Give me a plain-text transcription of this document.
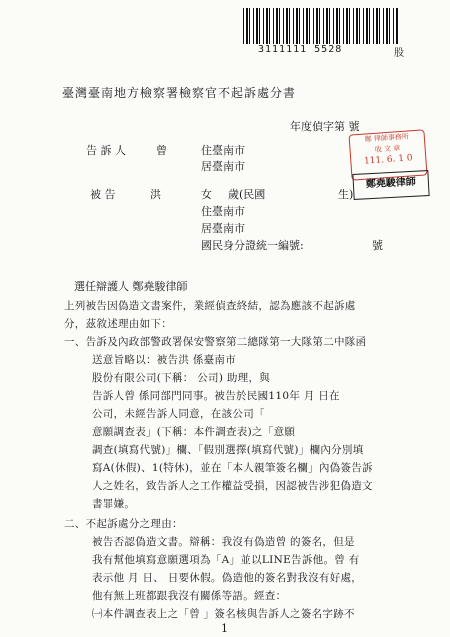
3111111 5528	股
臺灣臺南地方檢察署檢察官不起訴處分書
年度偵字第 號
告 訴 人	曾	住臺南市
居臺南市
鄭 律師事務所
收 文 章
111. 6. 1 0
鄭堯駿律師
被 告	洪	女 歲(民國	生)
住臺南市
居臺南市
國民身分證統一編號:	號
選任辯護人 鄭堯駿律師
上列被告因偽造文書案件，業經偵查終結，認為應該不起訴處
分，茲敘述理由如下：
一、告訴及內政部警政署保安警察第二總隊第一大隊第二中隊函
送意旨略以：被告洪 係臺南市
股份有限公司(下稱： 公司) 助理，與
告訴人曾 係同部門同事。被告於民國110年 月 日在
公司，未經告訴人同意，在該公司「
意願調查表」(下稱：本件調查表)之「意願
調查(填寫代號)」欄、「假別選擇(填寫代號)」欄內分別填
寫A(休假)、1(特休)，並在「本人親筆簽名欄」內偽簽告訴
人之姓名，致告訴人之工作權益受損，因認被告涉犯偽造文
書罪嫌。
二、不起訴處分之理由：
被告否認偽造文書。辯稱：我沒有偽造曾 的簽名，但是
我有幫他填寫意願選項為「A」並以LINE告訴他。曾 有
表示他 月 日、 日要休假。偽造他的簽名對我沒有好處，
他有無上班都跟我沒有關係等語。經查：
㈠本件調查表上之「曾 」簽名核與告訴人之簽名字跡不
1
